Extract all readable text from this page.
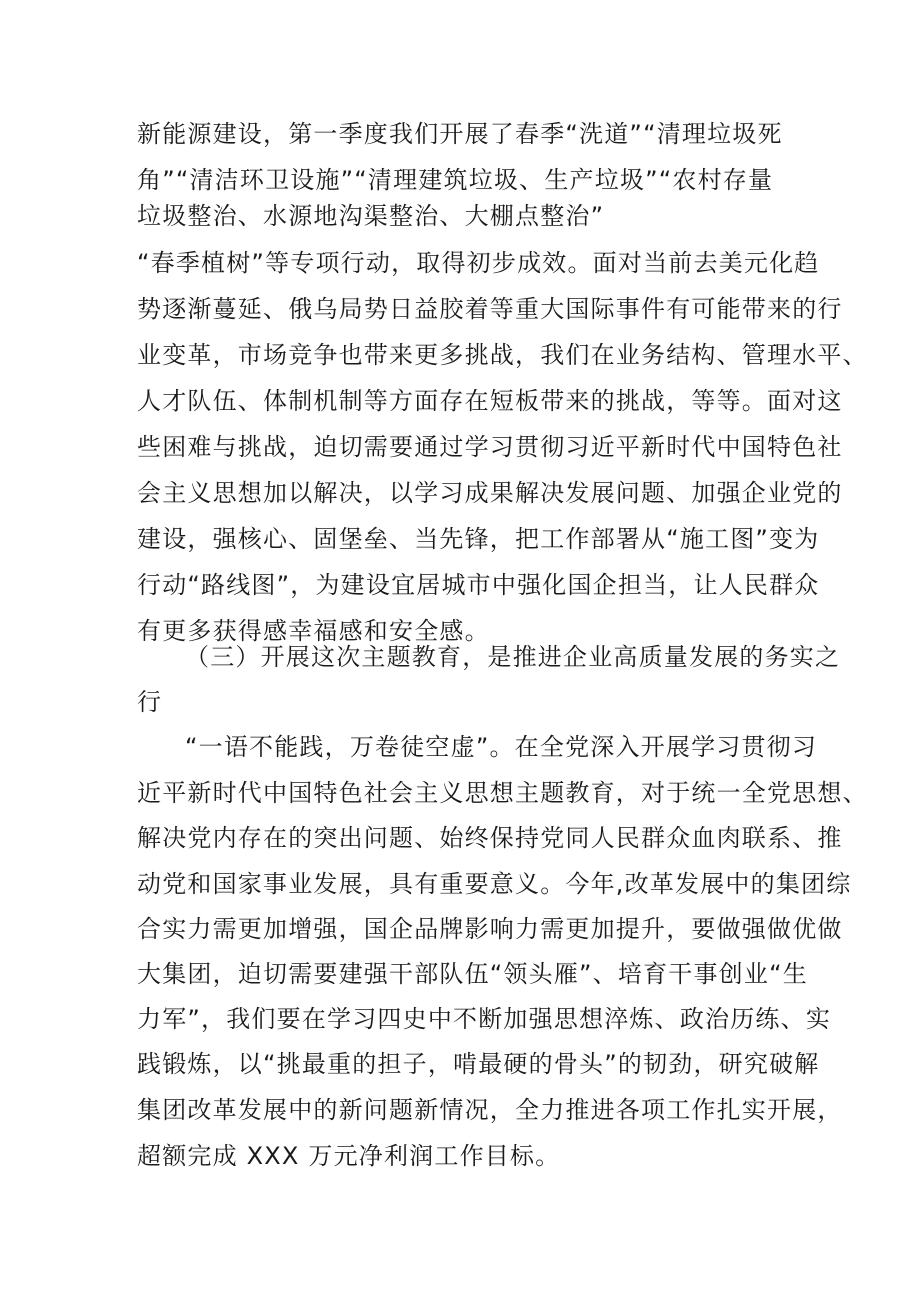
新能源建设，第一季度我们开展了春季“洗道”“清理垃圾死
角”“清洁环卫设施”“清理建筑垃圾、生产垃圾”“农村存量
垃圾整治、水源地沟渠整治、大棚点整治”
“春季植树”等专项行动，取得初步成效。面对当前去美元化趋
势逐渐蔓延、俄乌局势日益胶着等重大国际事件有可能带来的行
业变革，市场竞争也带来更多挑战，我们在业务结构、管理水平、
人才队伍、体制机制等方面存在短板带来的挑战，等等。面对这
些困难与挑战，迫切需要通过学习贯彻习近平新时代中国特色社
会主义思想加以解决，以学习成果解决发展问题、加强企业党的
建设，强核心、固堡垒、当先锋，把工作部署从“施工图”变为
行动“路线图”，为建设宜居城市中强化国企担当，让人民群众
有更多获得感幸福感和安全感。
（三）开展这次主题教育，是推进企业高质量发展的务实之
行
“一语不能践，万卷徒空虚”。在全党深入开展学习贯彻习
近平新时代中国特色社会主义思想主题教育，对于统一全党思想、
解决党内存在的突出问题、始终保持党同人民群众血肉联系、推
动党和国家事业发展，具有重要意义。今年,改革发展中的集团综
合实力需更加增强，国企品牌影响力需更加提升，要做强做优做
大集团，迫切需要建强干部队伍“领头雁”、培育干事创业“生
力军”，我们要在学习四史中不断加强思想淬炼、政治历练、实
践锻炼，以“挑最重的担子，啃最硬的骨头”的韧劲，研究破解
集团改革发展中的新问题新情况，全力推进各项工作扎实开展，
超额完成 XXX 万元净利润工作目标。
